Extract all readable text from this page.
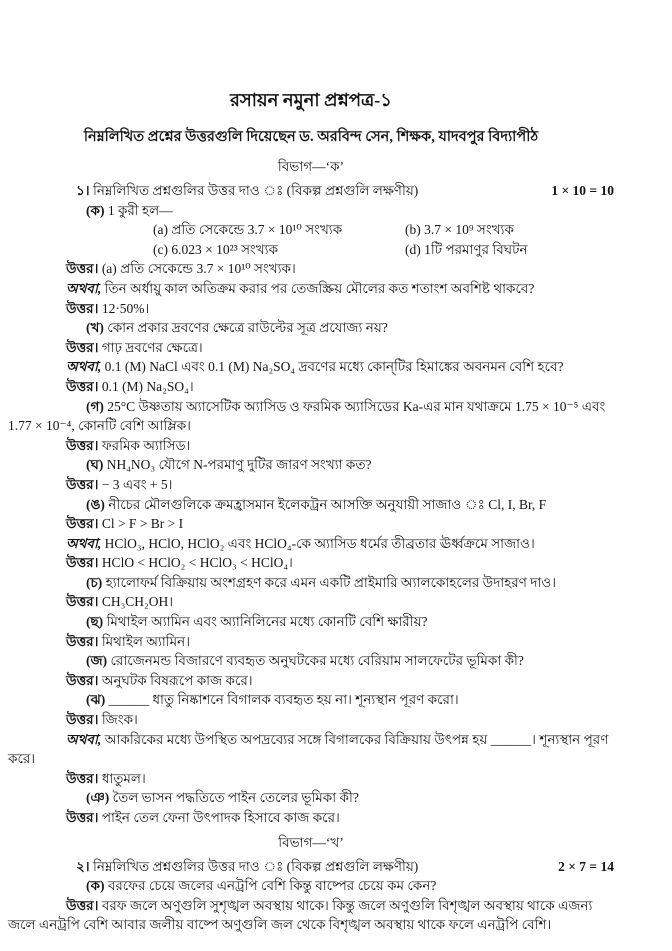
রসায়ন নমুনা প্রশ্নপত্র-১

নিম্নলিখিত প্রশ্নের উত্তরগুলি দিয়েছেন ড. অরবিন্দ সেন, শিক্ষক, যাদবপুর বিদ্যাপীঠ

বিভাগ—‘ক’

1 × 10 = 10
১। নিম্নলিখিত প্রশ্নগুলির উত্তর দাও ঃ (বিকল্প প্রশ্নগুলি লক্ষণীয়)

(ক) 1 কুরী হল—

(a) প্রতি সেকেন্ডে 3.7 × 10¹⁰ সংখ্যক	(b) 3.7 × 10⁹ সংখ্যক

(c) 6.023 × 10²³ সংখ্যক	(d) 1টি পরমাণুর বিঘটন

উত্তর। (a) প্রতি সেকেন্ডে 3.7 × 10¹⁰ সংখ্যক।

অথবা, তিন অর্ধায়ু কাল অতিক্রম করার পর তেজস্ক্রিয় মৌলের কত শতাংশ অবশিষ্ট থাকবে?

উত্তর। 12·50%।

(খ) কোন প্রকার দ্রবণের ক্ষেত্রে রাউল্টের সূত্র প্রযোজ্য নয়?

উত্তর। গাঢ় দ্রবণের ক্ষেত্রে।

অথবা, 0.1 (M) NaCl এবং 0.1 (M) Na₂SO₄ দ্রবণের মধ্যে কোন্‌টির হিমাঙ্কের অবনমন বেশি হবে?

উত্তর। 0.1 (M) Na₂SO₄।

(গ) 25°C উষ্ণতায় অ্যাসেটিক অ্যাসিড ও ফরমিক অ্যাসিডের Ka-এর মান যথাক্রমে 1.75 × 10⁻⁵ এবং 1.77 × 10⁻⁴, কোনটি বেশি আম্লিক।

উত্তর। ফরমিক অ্যাসিড।

(ঘ) NH₄NO₃ যৌগে N-পরমাণু দুটির জারণ সংখ্যা কত?

উত্তর। − 3 এবং + 5।

(ঙ) নীচের মৌলগুলিকে ক্রমহ্রাসমান ইলেকট্রন আসক্তি অনুযায়ী সাজাও ঃ Cl, I, Br, F

উত্তর। Cl > F > Br > I

অথবা, HClO₃, HClO, HClO₂ এবং HClO₄-কে অ্যাসিড ধর্মের তীব্রতার ঊর্ধ্বক্রমে সাজাও।

উত্তর। HClO < HClO₂ < HClO₃ < HClO₄।

(চ) হ্যালোফর্ম বিক্রিয়ায় অংশগ্রহণ করে এমন একটি প্রাইমারি অ্যালকোহলের উদাহরণ দাও।

উত্তর। CH₃CH₂OH।

(ছ) মিথাইল অ্যামিন এবং অ্যানিলিনের মধ্যে কোনটি বেশি ক্ষারীয়?

উত্তর। মিথাইল অ্যামিন।

(জ) রোজেনমন্ড বিজারণে ব্যবহৃত অনুঘটকের মধ্যে বেরিয়াম সালফেটের ভূমিকা কী?

উত্তর। অনুঘটক বিষরূপে কাজ করে।

(ঝ) ______ ধাতু নিষ্কাশনে বিগালক ব্যবহৃত হয় না। শূন্যস্থান পূরণ করো।

উত্তর। জিংক।

অথবা, আকরিকের মধ্যে উপস্থিত অপদ্রব্যের সঙ্গে বিগালকের বিক্রিয়ায় উৎপন্ন হয় ______। শূন্যস্থান পূরণ করে।

উত্তর। ধাতুমল।

(ঞ) তৈল ভাসন পদ্ধতিতে পাইন তেলের ভূমিকা কী?

উত্তর। পাইন তেল ফেনা উৎপাদক হিসাবে কাজ করে।

বিভাগ—‘খ’

2 × 7 = 14
২। নিম্নলিখিত প্রশ্নগুলির উত্তর দাও ঃ (বিকল্প প্রশ্নগুলি লক্ষণীয়)

(ক) বরফের চেয়ে জলের এনট্রপি বেশি কিন্তু বাষ্পের চেয়ে কম কেন?

উত্তর। বরফ জলে অণুগুলি সুশৃঙ্খল অবস্থায় থাকে। কিন্তু জলে অণুগুলি বিশৃঙ্খল অবস্থায় থাকে এজন্য জলে এনট্রপি বেশি আবার জলীয় বাষ্পে অণুগুলি জল থেকে বিশৃঙ্খল অবস্থায় থাকে ফলে এনট্রপি বেশি।
